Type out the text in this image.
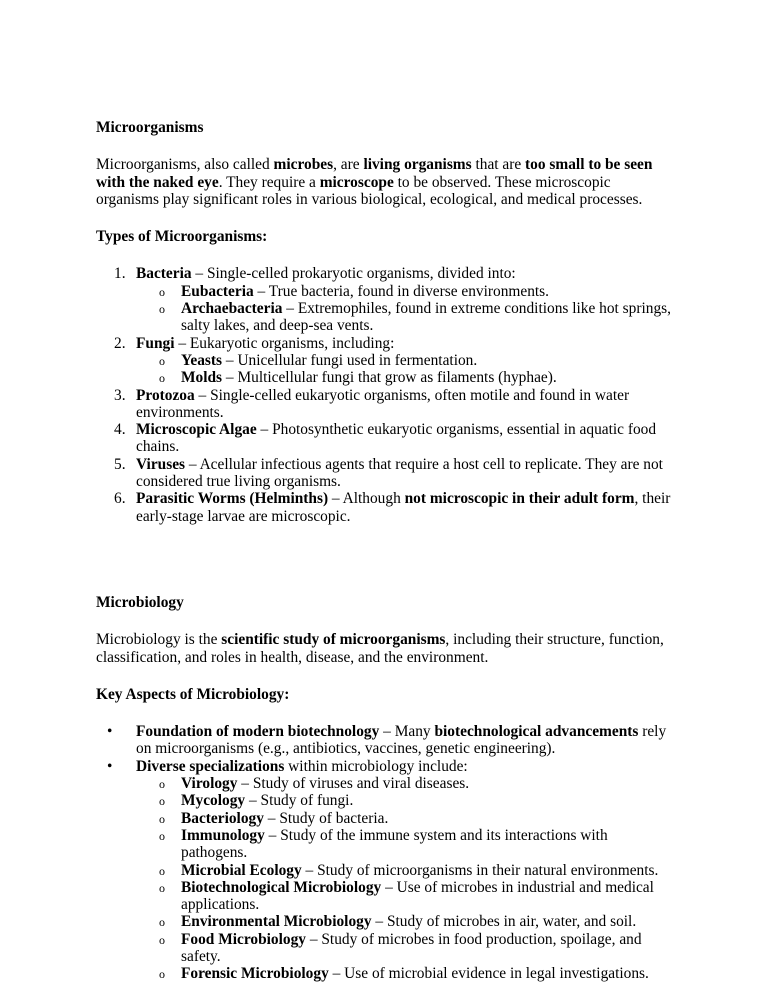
Microorganisms

Microorganisms, also called microbes, are living organisms that are too small to be seen with the naked eye. They require a microscope to be observed. These microscopic organisms play significant roles in various biological, ecological, and medical processes.

Types of Microorganisms:

1. Bacteria – Single-celled prokaryotic organisms, divided into:
o Eubacteria – True bacteria, found in diverse environments.
o Archaebacteria – Extremophiles, found in extreme conditions like hot springs, salty lakes, and deep-sea vents.
2. Fungi – Eukaryotic organisms, including:
o Yeasts – Unicellular fungi used in fermentation.
o Molds – Multicellular fungi that grow as filaments (hyphae).
3. Protozoa – Single-celled eukaryotic organisms, often motile and found in water environments.
4. Microscopic Algae – Photosynthetic eukaryotic organisms, essential in aquatic food chains.
5. Viruses – Acellular infectious agents that require a host cell to replicate. They are not considered true living organisms.
6. Parasitic Worms (Helminths) – Although not microscopic in their adult form, their early-stage larvae are microscopic.

Microbiology

Microbiology is the scientific study of microorganisms, including their structure, function, classification, and roles in health, disease, and the environment.

Key Aspects of Microbiology:

• Foundation of modern biotechnology – Many biotechnological advancements rely on microorganisms (e.g., antibiotics, vaccines, genetic engineering).
• Diverse specializations within microbiology include:
o Virology – Study of viruses and viral diseases.
o Mycology – Study of fungi.
o Bacteriology – Study of bacteria.
o Immunology – Study of the immune system and its interactions with pathogens.
o Microbial Ecology – Study of microorganisms in their natural environments.
o Biotechnological Microbiology – Use of microbes in industrial and medical applications.
o Environmental Microbiology – Study of microbes in air, water, and soil.
o Food Microbiology – Study of microbes in food production, spoilage, and safety.
o Forensic Microbiology – Use of microbial evidence in legal investigations.
